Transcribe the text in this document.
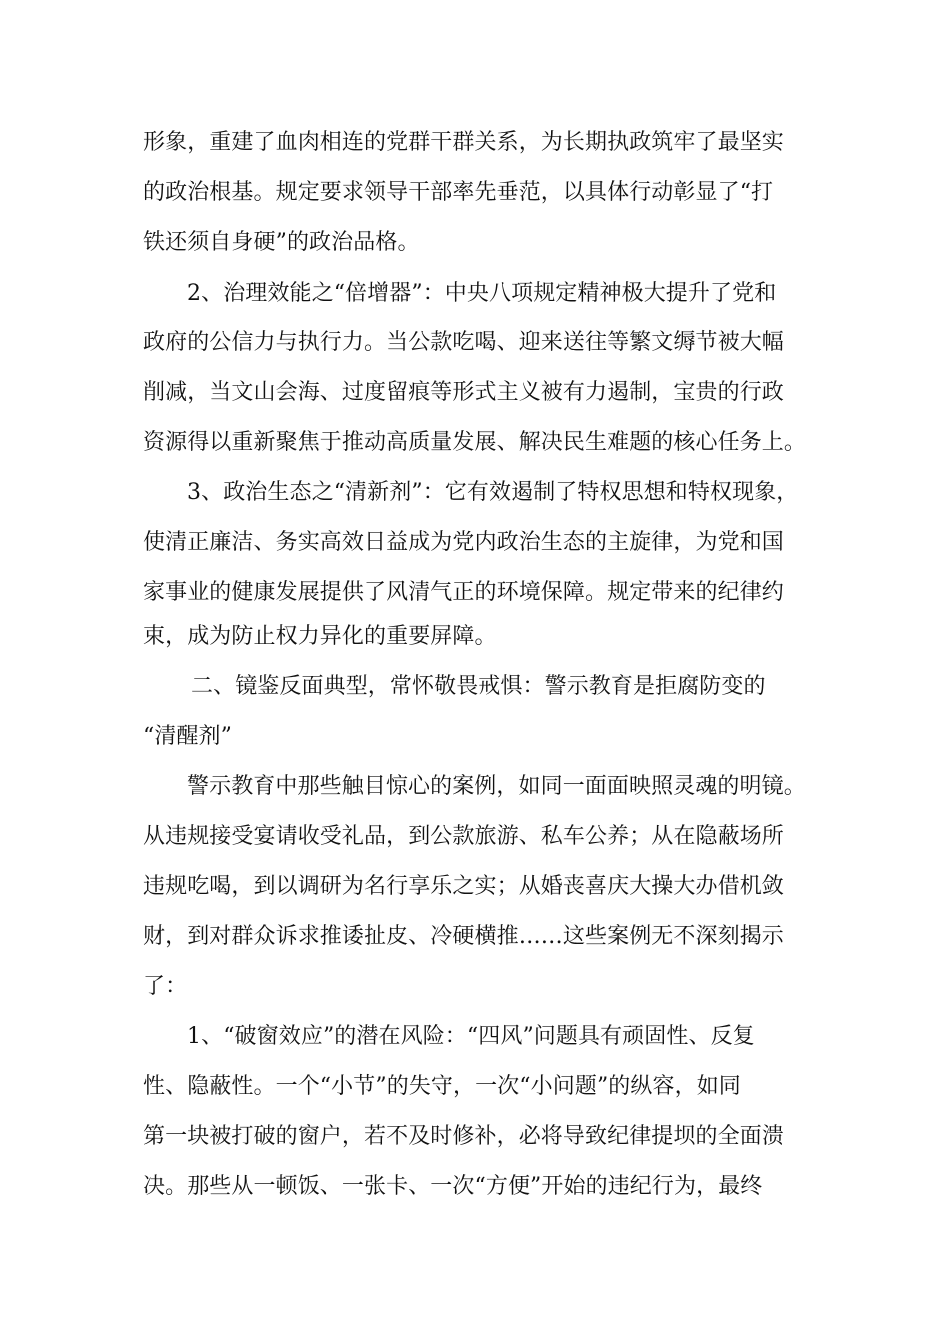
形象，重建了血肉相连的党群干群关系，为长期执政筑牢了最坚实
的政治根基。规定要求领导干部率先垂范，以具体行动彰显了“打
铁还须自身硬”的政治品格。
2、治理效能之“倍增器”：中央八项规定精神极大提升了党和
政府的公信力与执行力。当公款吃喝、迎来送往等繁文缛节被大幅
削减，当文山会海、过度留痕等形式主义被有力遏制，宝贵的行政
资源得以重新聚焦于推动高质量发展、解决民生难题的核心任务上。
3、政治生态之“清新剂”：它有效遏制了特权思想和特权现象，
使清正廉洁、务实高效日益成为党内政治生态的主旋律，为党和国
家事业的健康发展提供了风清气正的环境保障。规定带来的纪律约
束，成为防止权力异化的重要屏障。
二、镜鉴反面典型，常怀敬畏戒惧：警示教育是拒腐防变的
“清醒剂”
警示教育中那些触目惊心的案例，如同一面面映照灵魂的明镜。
从违规接受宴请收受礼品，到公款旅游、私车公养；从在隐蔽场所
违规吃喝，到以调研为名行享乐之实；从婚丧喜庆大操大办借机敛
财，到对群众诉求推诿扯皮、冷硬横推……这些案例无不深刻揭示
了：
1、“破窗效应”的潜在风险：“四风”问题具有顽固性、反复
性、隐蔽性。一个“小节”的失守，一次“小问题”的纵容，如同
第一块被打破的窗户，若不及时修补，必将导致纪律提坝的全面溃
决。那些从一顿饭、一张卡、一次“方便”开始的违纪行为，最终
